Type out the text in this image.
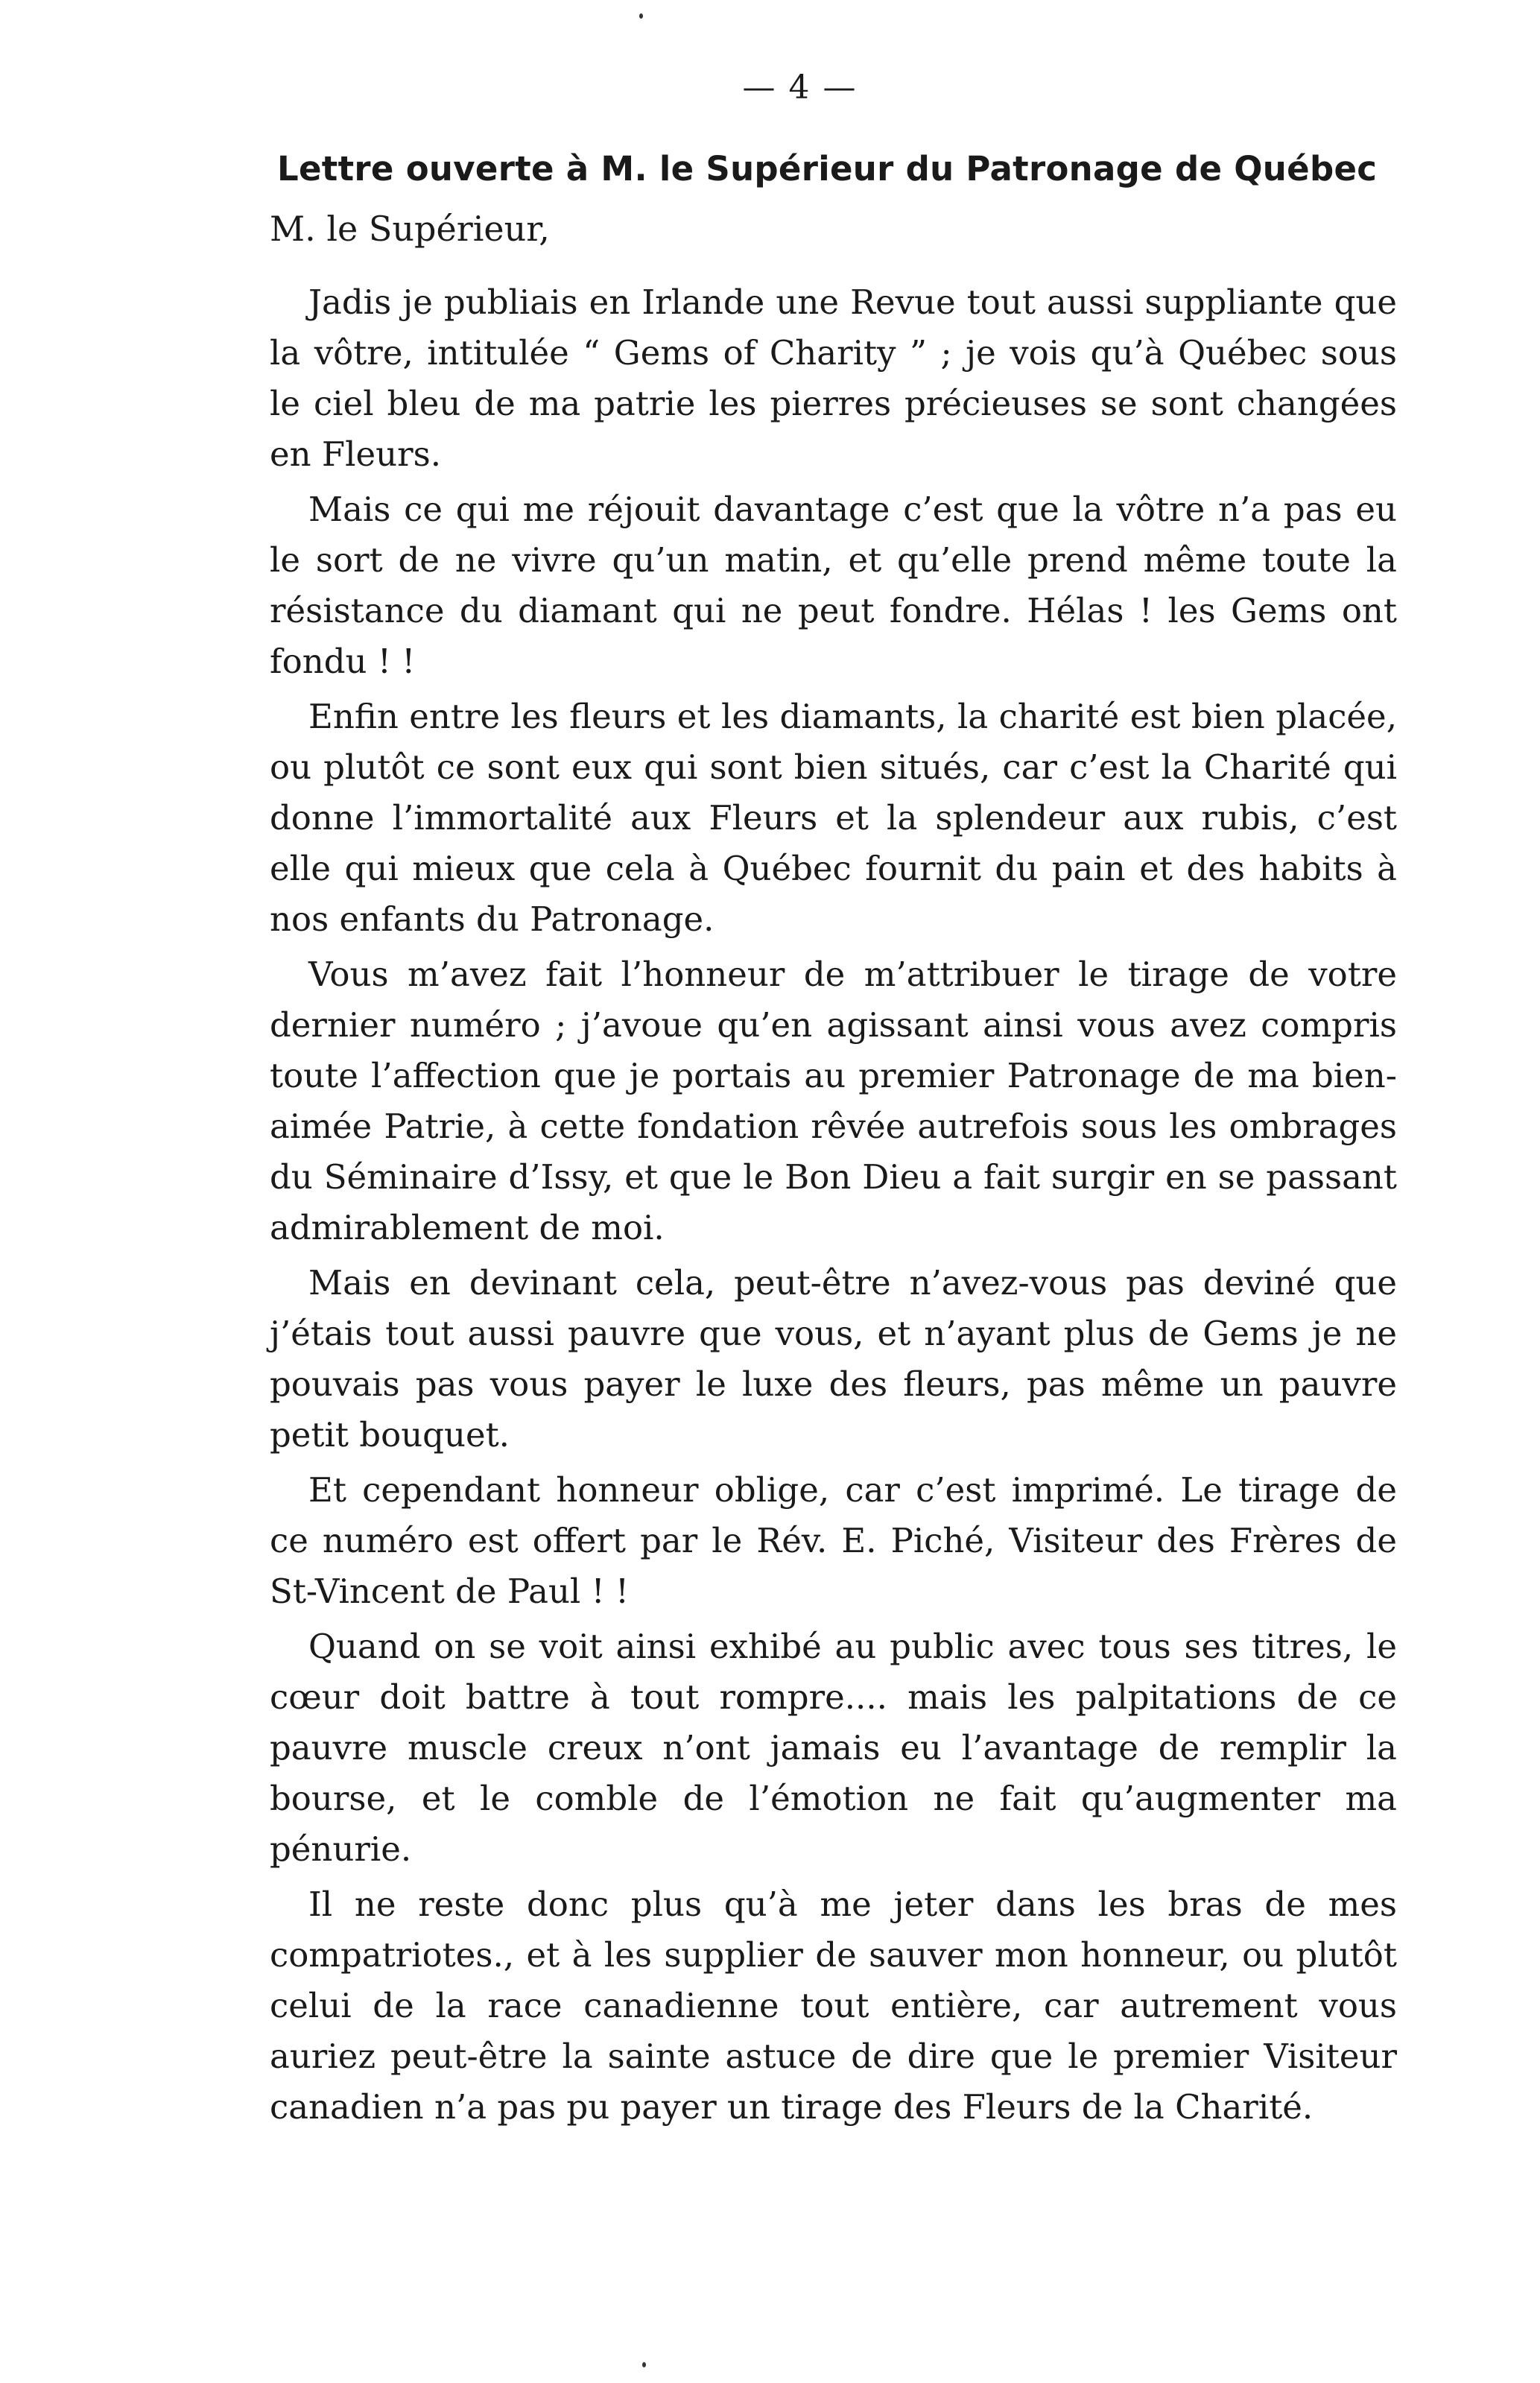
— 4 —
Lettre ouverte à M. le Supérieur du Patronage de Québec
M. le Supérieur,

Jadis je publiais en Irlande une Revue tout aussi suppliante que la vôtre, intitulée “ Gems of Charity ” ; je vois qu’à Québec sous le ciel bleu de ma patrie les pierres précieuses se sont changées en Fleurs.

Mais ce qui me réjouit davantage c’est que la vôtre n’a pas eu le sort de ne vivre qu’un matin, et qu’elle prend même toute la résistance du diamant qui ne peut fondre. Hélas ! les Gems ont fondu ! !

Enfin entre les fleurs et les diamants, la charité est bien placée, ou plutôt ce sont eux qui sont bien situés, car c’est la Charité qui donne l’immortalité aux Fleurs et la splendeur aux rubis, c’est elle qui mieux que cela à Québec fournit du pain et des habits à nos enfants du Patronage.

Vous m’avez fait l’honneur de m’attribuer le tirage de votre dernier numéro ; j’avoue qu’en agissant ainsi vous avez compris toute l’affection que je portais au premier Patronage de ma bien-aimée Patrie, à cette fondation rêvée autrefois sous les ombrages du Séminaire d’Issy, et que le Bon Dieu a fait surgir en se passant admirablement de moi.

Mais en devinant cela, peut-être n’avez-vous pas deviné que j’étais tout aussi pauvre que vous, et n’ayant plus de Gems je ne pouvais pas vous payer le luxe des fleurs, pas même un pauvre petit bouquet.

Et cependant honneur oblige, car c’est imprimé. Le tirage de ce numéro est offert par le Rév. E. Piché, Visiteur des Frères de St-Vincent de Paul ! !

Quand on se voit ainsi exhibé au public avec tous ses titres, le cœur doit battre à tout rompre.... mais les palpitations de ce pauvre muscle creux n’ont jamais eu l’avantage de remplir la bourse, et le comble de l’émotion ne fait qu’augmenter ma pénurie.

Il ne reste donc plus qu’à me jeter dans les bras de mes compatriotes., et à les supplier de sauver mon honneur, ou plutôt celui de la race canadienne tout entière, car autrement vous auriez peut-être la sainte astuce de dire que le premier Visiteur canadien n’a pas pu payer un tirage des Fleurs de la Charité.
